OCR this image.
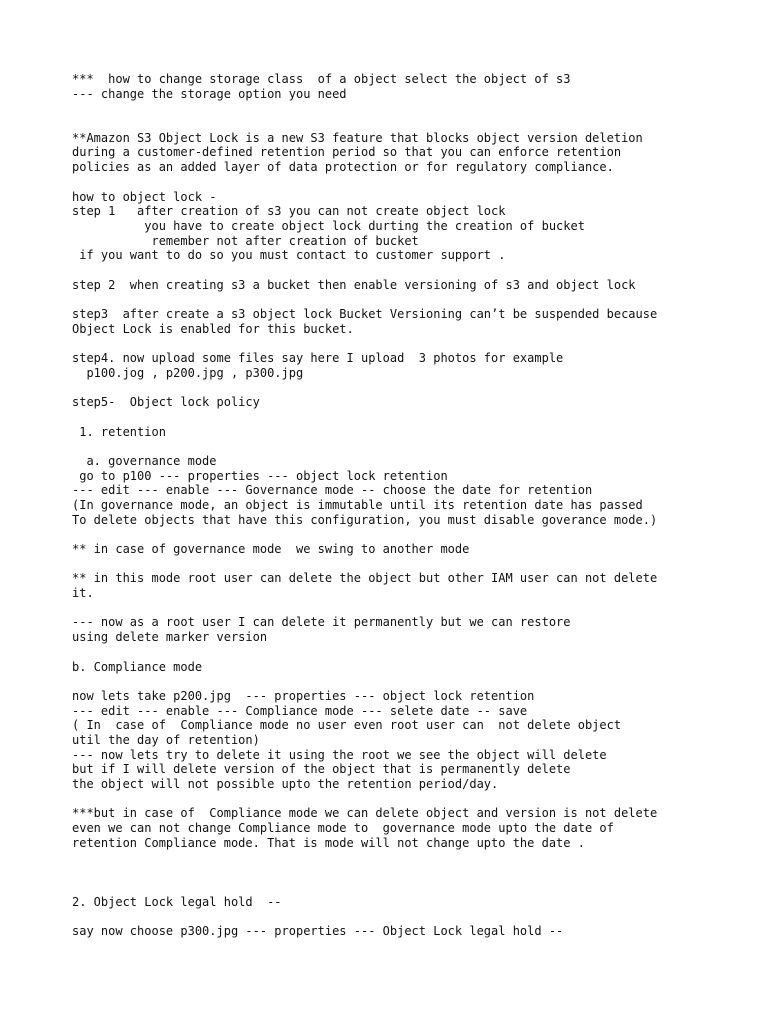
***  how to change storage class  of a object select the object of s3
--- change the storage option you need
**Amazon S3 Object Lock is a new S3 feature that blocks object version deletion
during a customer-defined retention period so that you can enforce retention
policies as an added layer of data protection or for regulatory compliance.
how to object lock -
step 1   after creation of s3 you can not create object lock
you have to create object lock durting the creation of bucket
remember not after creation of bucket
if you want to do so you must contact to customer support .
step 2  when creating s3 a bucket then enable versioning of s3 and object lock
step3  after create a s3 object lock Bucket Versioning can’t be suspended because
Object Lock is enabled for this bucket.
step4. now upload some files say here I upload  3 photos for example
p100.jog , p200.jpg , p300.jpg
step5-  Object lock policy
1. retention
a. governance mode
go to p100 --- properties --- object lock retention
--- edit --- enable --- Governance mode -- choose the date for retention
(In governance mode, an object is immutable until its retention date has passed
To delete objects that have this configuration, you must disable goverance mode.)
** in case of governance mode  we swing to another mode
** in this mode root user can delete the object but other IAM user can not delete
it.
--- now as a root user I can delete it permanently but we can restore
using delete marker version
b. Compliance mode
now lets take p200.jpg  --- properties --- object lock retention
--- edit --- enable --- Compliance mode --- selete date -- save
( In  case of  Compliance mode no user even root user can  not delete object
util the day of retention)
--- now lets try to delete it using the root we see the object will delete
but if I will delete version of the object that is permanently delete
the object will not possible upto the retention period/day.
***but in case of  Compliance mode we can delete object and version is not delete
even we can not change Compliance mode to  governance mode upto the date of
retention Compliance mode. That is mode will not change upto the date .
2. Object Lock legal hold  --
say now choose p300.jpg --- properties --- Object Lock legal hold --
